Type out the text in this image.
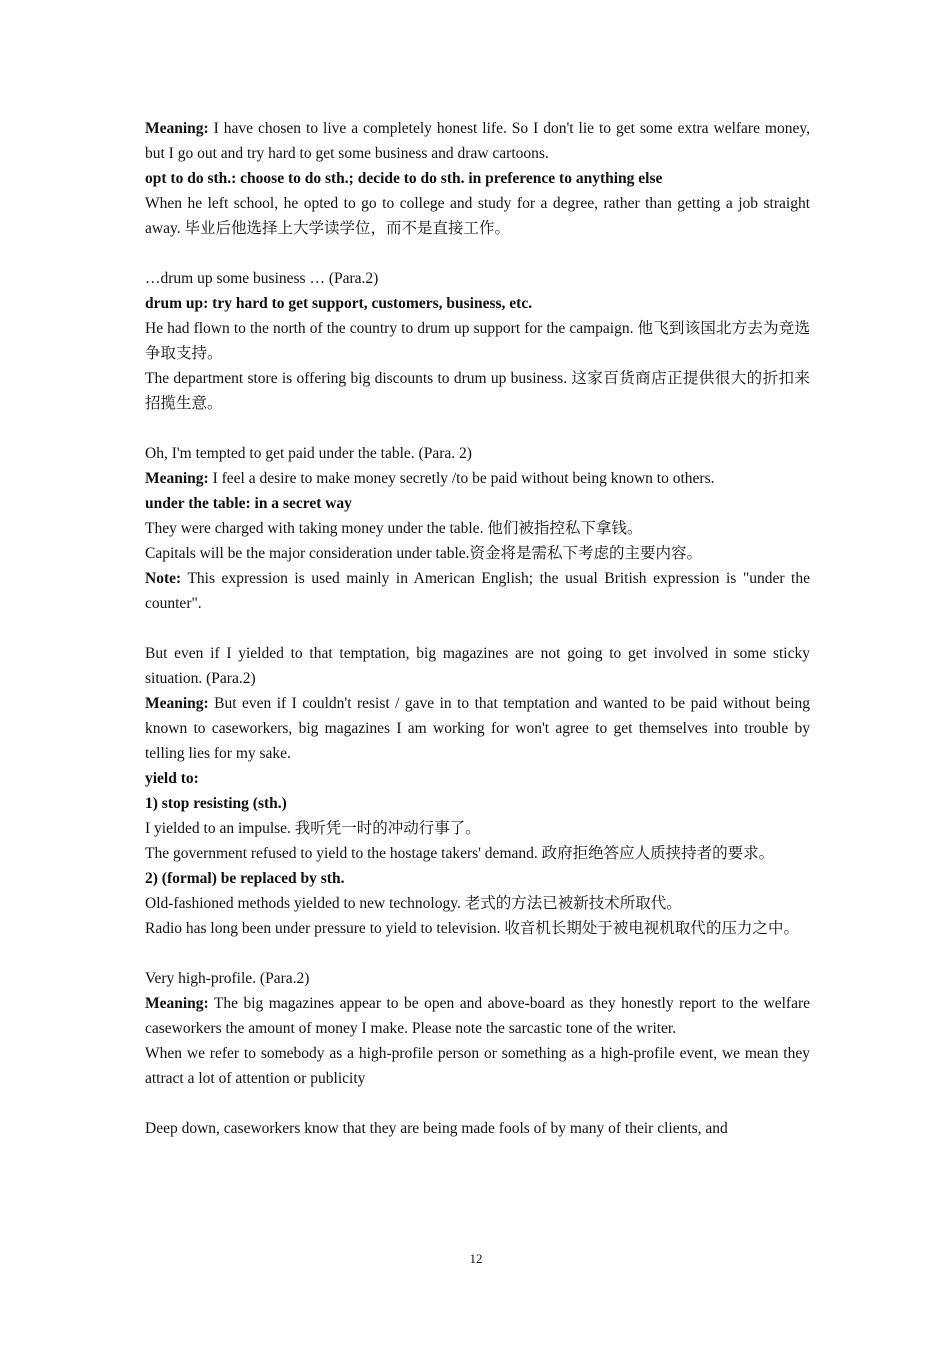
Meaning: I have chosen to live a completely honest life. So I don't lie to get some extra welfare money, but I go out and try hard to get some business and draw cartoons.
opt to do sth.: choose to do sth.; decide to do sth. in preference to anything else
When he left school, he opted to go to college and study for a degree, rather than getting a job straight away. 毕业后他选择上大学读学位，而不是直接工作。
…drum up some business … (Para.2)
drum up: try hard to get support, customers, business, etc.
He had flown to the north of the country to drum up support for the campaign. 他飞到该国北方去为竞选争取支持。
The department store is offering big discounts to drum up business. 这家百货商店正提供很大的折扣来招揽生意。
Oh, I'm tempted to get paid under the table. (Para. 2)
Meaning: I feel a desire to make money secretly /to be paid without being known to others.
under the table: in a secret way
They were charged with taking money under the table. 他们被指控私下拿钱。
Capitals will be the major consideration under table.资金将是需私下考虑的主要内容。
Note: This expression is used mainly in American English; the usual British expression is "under the counter".
But even if I yielded to that temptation, big magazines are not going to get involved in some sticky situation. (Para.2)
Meaning: But even if I couldn't resist / gave in to that temptation and wanted to be paid without being known to caseworkers, big magazines I am working for won't agree to get themselves into trouble by telling lies for my sake.
yield to:
1) stop resisting (sth.)
I yielded to an impulse. 我听凭一时的冲动行事了。
The government refused to yield to the hostage takers' demand. 政府拒绝答应人质挟持者的要求。
2) (formal) be replaced by sth.
Old-fashioned methods yielded to new technology. 老式的方法已被新技术所取代。
Radio has long been under pressure to yield to television. 收音机长期处于被电视机取代的压力之中。
Very high-profile. (Para.2)
Meaning: The big magazines appear to be open and above-board as they honestly report to the welfare caseworkers the amount of money I make. Please note the sarcastic tone of the writer.
When we refer to somebody as a high-profile person or something as a high-profile event, we mean they attract a lot of attention or publicity
Deep down, caseworkers know that they are being made fools of by many of their clients, and
12
